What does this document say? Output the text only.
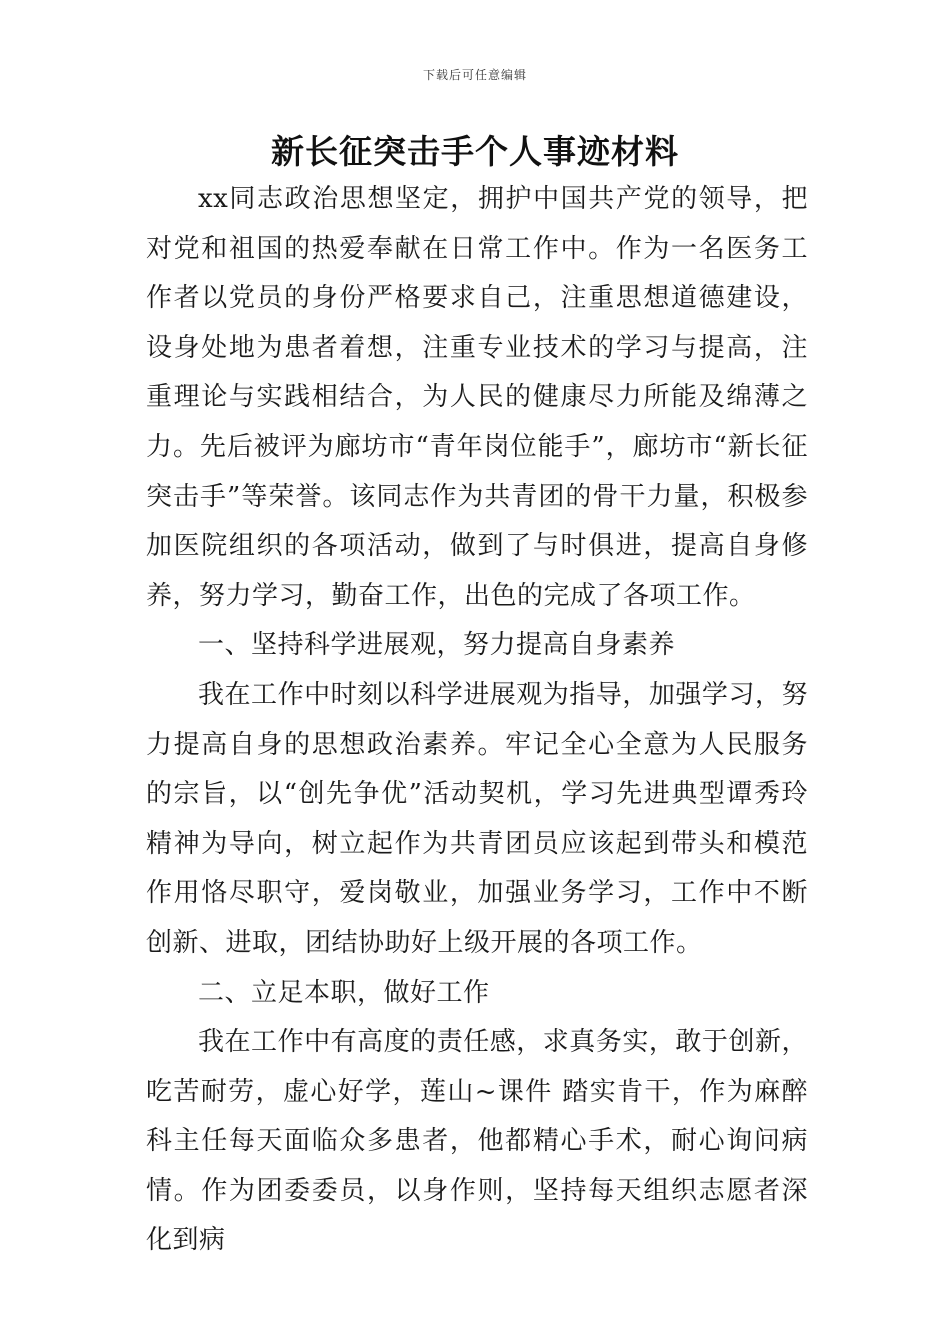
下载后可任意编辑
新长征突击手个人事迹材料

xx同志政治思想坚定，拥护中国共产党的领导，把对党和祖国的热爱奉献在日常工作中。作为一名医务工作者以党员的身份严格要求自己，注重思想道德建设，设身处地为患者着想，注重专业技术的学习与提高，注重理论与实践相结合，为人民的健康尽力所能及绵薄之力。先后被评为廊坊市“青年岗位能手”，廊坊市“新长征突击手”等荣誉。该同志作为共青团的骨干力量，积极参加医院组织的各项活动，做到了与时俱进，提高自身修养，努力学习，勤奋工作，出色的完成了各项工作。

一、坚持科学进展观，努力提高自身素养

我在工作中时刻以科学进展观为指导，加强学习，努力提高自身的思想政治素养。牢记全心全意为人民服务的宗旨，以“创先争优”活动契机，学习先进典型谭秀玲精神为导向，树立起作为共青团员应该起到带头和模范作用恪尽职守，爱岗敬业，加强业务学习，工作中不断创新、进取，团结协助好上级开展的各项工作。

二、立足本职，做好工作

我在工作中有高度的责任感，求真务实，敢于创新，吃苦耐劳，虚心好学，莲山~课件 踏实肯干，作为麻醉科主任每天面临众多患者，他都精心手术，耐心询问病情。作为团委委员，以身作则，坚持每天组织志愿者深化到病
